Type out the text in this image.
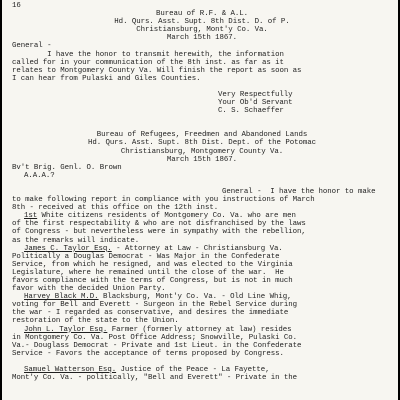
16
Bureau of R.F. & A.L.
Hd. Qurs. Asst. Supt. 8th Dist. D. of P.
Christiansburg, Mont'y Co. Va.
March 15th 1867.
General -
I have the honor to transmit herewith, the information
called for in your communication of the 8th inst. as far as it
relates to Montgomery County Va. Will finish the report as soon as
I can hear from Pulaski and Giles Counties.
Very Respectfully
Your Ob'd Servant
C. S. Schaeffer
Bureau of Refugees, Freedmen and Abandoned Lands
Hd. Qurs. Asst. Supt. 8th Dist. Dept. of the Potomac
Christiansburg, Montgomery County Va.
March 15th 1867.
Bv't Brig. Genl. O. Brown
A.A.A.?
General -  I have the honor to make
to make following report in compliance with you instructions of March
8th - received at this office on the 12th inst.
1st White citizens residents of Montgomery Co. Va. who are men
of the first respectability & who are not disfranchised by the laws
of Congress - but nevertheless were in sympathy with the rebellion,
as the remarks will indicate.
James C. Taylor Esq. - Attorney at Law - Christiansburg Va.
Politically a Douglas Democrat - Was Major in the Confederate
Service, from which he resigned, and was elected to the Virginia
Legislature, where he remained until the close of the war.  He
favors compliance with the terms of Congress, but is not in much
favor with the decided Union Party.
Harvey Black M.D. Blacksburg, Mont'y Co. Va. - Old Line Whig,
voting for Bell and Everett - Surgeon in the Rebel Service during
the war - I regarded as conservative, and desires the immediate
restoration of the state to the Union.
John L. Taylor Esq. Farmer (formerly attorney at law) resides
in Montgomery Co. Va. Post Office Address; Snowville, Pulaski Co.
Va.- Douglass Democrat - Private and 1st Lieut. in the Confederate
Service - Favors the acceptance of terms proposed by Congress.
Samuel Watterson Esq. Justice of the Peace - La Fayette,
Mont'y Co. Va. - politically, "Bell and Everett" - Private in the
